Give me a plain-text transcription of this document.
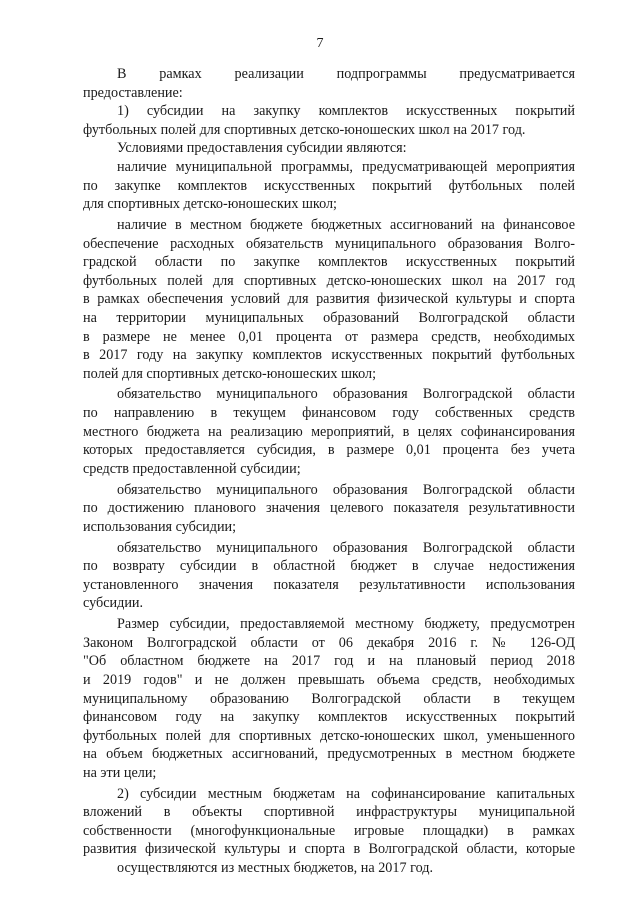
7
В рамках реализации подпрограммы предусматривается
предоставление:
1) субсидии на закупку комплектов искусственных покрытий
футбольных полей для спортивных детско-юношеских школ на 2017 год.
Условиями предоставления субсидии являются:
наличие муниципальной программы, предусматривающей мероприятия
по закупке комплектов искусственных покрытий футбольных полей
для спортивных детско-юношеских школ;
наличие в местном бюджете бюджетных ассигнований на финансовое
обеспечение расходных обязательств муниципального образования Волго-
градской области по закупке комплектов искусственных покрытий
футбольных полей для спортивных детско-юношеских школ на 2017 год
в рамках обеспечения условий для развития физической культуры и спорта
на территории муниципальных образований Волгоградской области
в размере не менее 0,01 процента от размера средств, необходимых
в 2017 году на закупку комплектов искусственных покрытий футбольных
полей для спортивных детско-юношеских школ;
обязательство муниципального образования Волгоградской области
по направлению в текущем финансовом году собственных средств
местного бюджета на реализацию мероприятий, в целях софинансирования
которых предоставляется субсидия, в размере 0,01 процента без учета
средств предоставленной субсидии;
обязательство муниципального образования Волгоградской области
по достижению планового значения целевого показателя результативности
использования субсидии;
обязательство муниципального образования Волгоградской области
по возврату субсидии в областной бюджет в случае недостижения
установленного значения показателя результативности использования
субсидии.
Размер субсидии, предоставляемой местному бюджету, предусмотрен
Законом Волгоградской области от 06 декабря 2016 г. № 126-ОД
"Об областном бюджете на 2017 год и на плановый период 2018
и 2019 годов" и не должен превышать объема средств, необходимых
муниципальному образованию Волгоградской области в текущем
финансовом году на закупку комплектов искусственных покрытий
футбольных полей для спортивных детско-юношеских школ, уменьшенного
на объем бюджетных ассигнований, предусмотренных в местном бюджете
на эти цели;
2) субсидии местным бюджетам на софинансирование капитальных
вложений в объекты спортивной инфраструктуры муниципальной
собственности (многофункциональные игровые площадки) в рамках
развития физической культуры и спорта в Волгоградской области, которые
осуществляются из местных бюджетов, на 2017 год.
